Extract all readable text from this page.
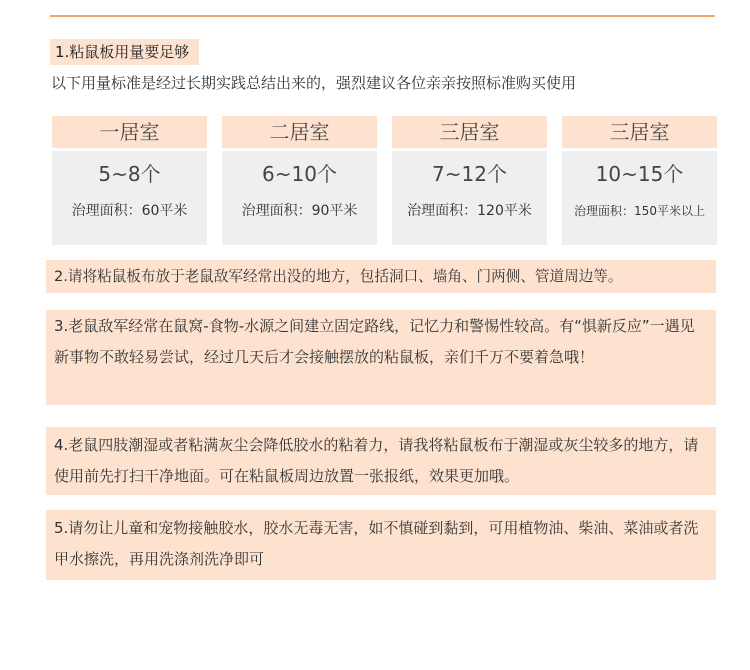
1.粘鼠板用量要足够
以下用量标准是经过长期实践总结出来的，强烈建议各位亲亲按照标准购买使用
一居室
5~8个
治理面积：60平米
二居室
6~10个
治理面积：90平米
三居室
7~12个
治理面积：120平米
三居室
10~15个
治理面积：150平米以上
2.请将粘鼠板布放于老鼠敌军经常出没的地方，包括洞口、墙角、门两侧、管道周边等。
3.老鼠敌军经常在鼠窝-食物-水源之间建立固定路线，记忆力和警惕性较高。有“惧新反应”一遇见新事物不敢轻易尝试，经过几天后才会接触摆放的粘鼠板，亲们千万不要着急哦！
4.老鼠四肢潮湿或者粘满灰尘会降低胶水的粘着力，请我将粘鼠板布于潮湿或灰尘较多的地方，请使用前先打扫干净地面。可在粘鼠板周边放置一张报纸，效果更加哦。
5.请勿让儿童和宠物接触胶水，胶水无毒无害，如不慎碰到黏到，可用植物油、柴油、菜油或者洗甲水擦洗，再用洗涤剂洗净即可
